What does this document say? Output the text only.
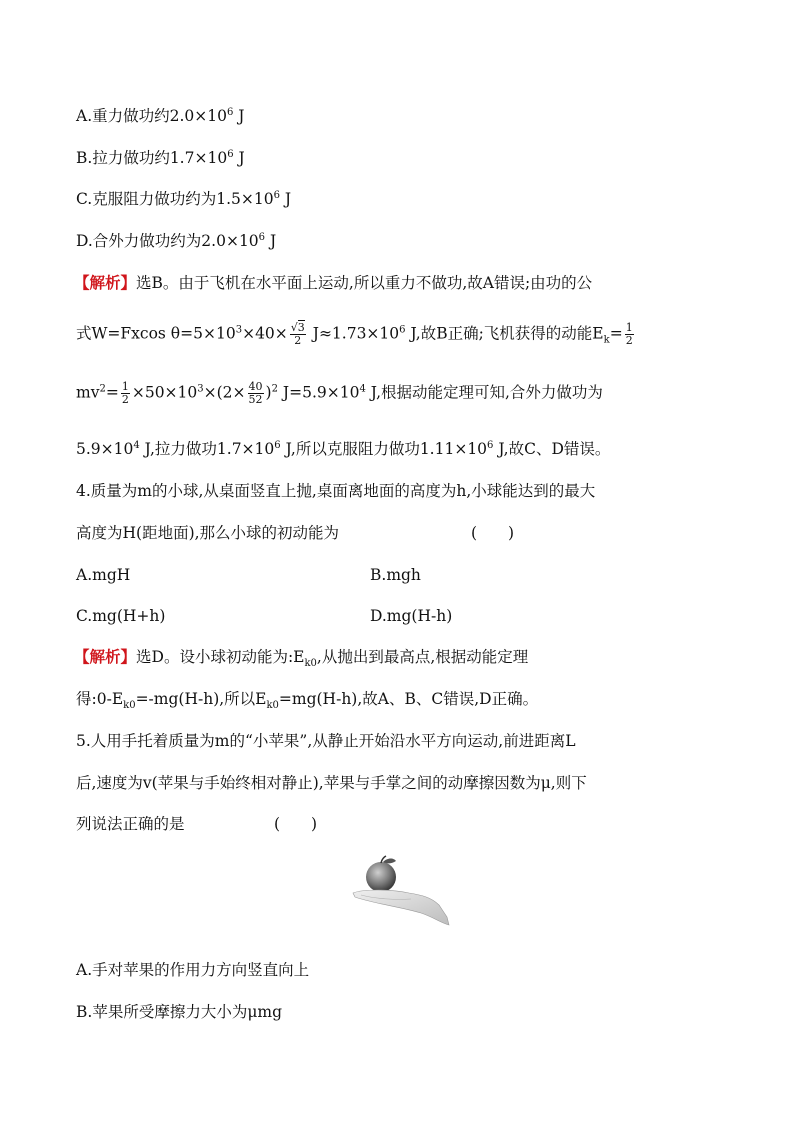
A.重力做功约$2.0\times 10^6$ J
B.拉力做功约$1.7\times 10^6$ J
C.克服阻力做功约为$1.5\times 10^6$ J
D.合外力做功约为$2.0\times 10^6$ J
【解析】选B。由于飞机在水平面上运动,所以重力不做功,故A错误;由功的公
式W=Fxcos $\theta=5\times 10^3\times 40\times \frac{√3}{2} J\approx 1.73\times 10^6$ J,故B正确;飞机获得的动能$E_k= \frac{1}{2}$
$mv^2= \frac{1}{2} \times 50\times 10^3\times(2\times \frac{40}{52} )^2$ $J=5.9\times 10^4$ J,根据动能定理可知,合外力做功为
$5.9\times 10^4$ J,拉力做功$1.7\times 10^6$ J,所以克服阻力做功$1.11\times 10^6$ J,故C、D错误。
4.质量为m的小球,从桌面竖直上抛,桌面离地面的高度为h,小球能达到的最大
高度为H(距地面),那么小球的初动能为	(　　)
A.mgH	B.mgh
C.mg(H+h)	D.mg(H-h)
【解析】选D。设小球初动能为$:E_{k0}$,从抛出到最高点,根据动能定理
得$:0-E_{k0}=-mg(H-h)$,所以$E_{k0}=mg(H-h)$,故A、B、C错误,D正确。
5.人用手托着质量为m的“小苹果”,从静止开始沿水平方向运动,前进距离L
后,速度为v(苹果与手始终相对静止),苹果与手掌之间的动摩擦因数为μ,则下
列说法正确的是	(　　)
A.手对苹果的作用力方向竖直向上
B.苹果所受摩擦力大小为μmg
